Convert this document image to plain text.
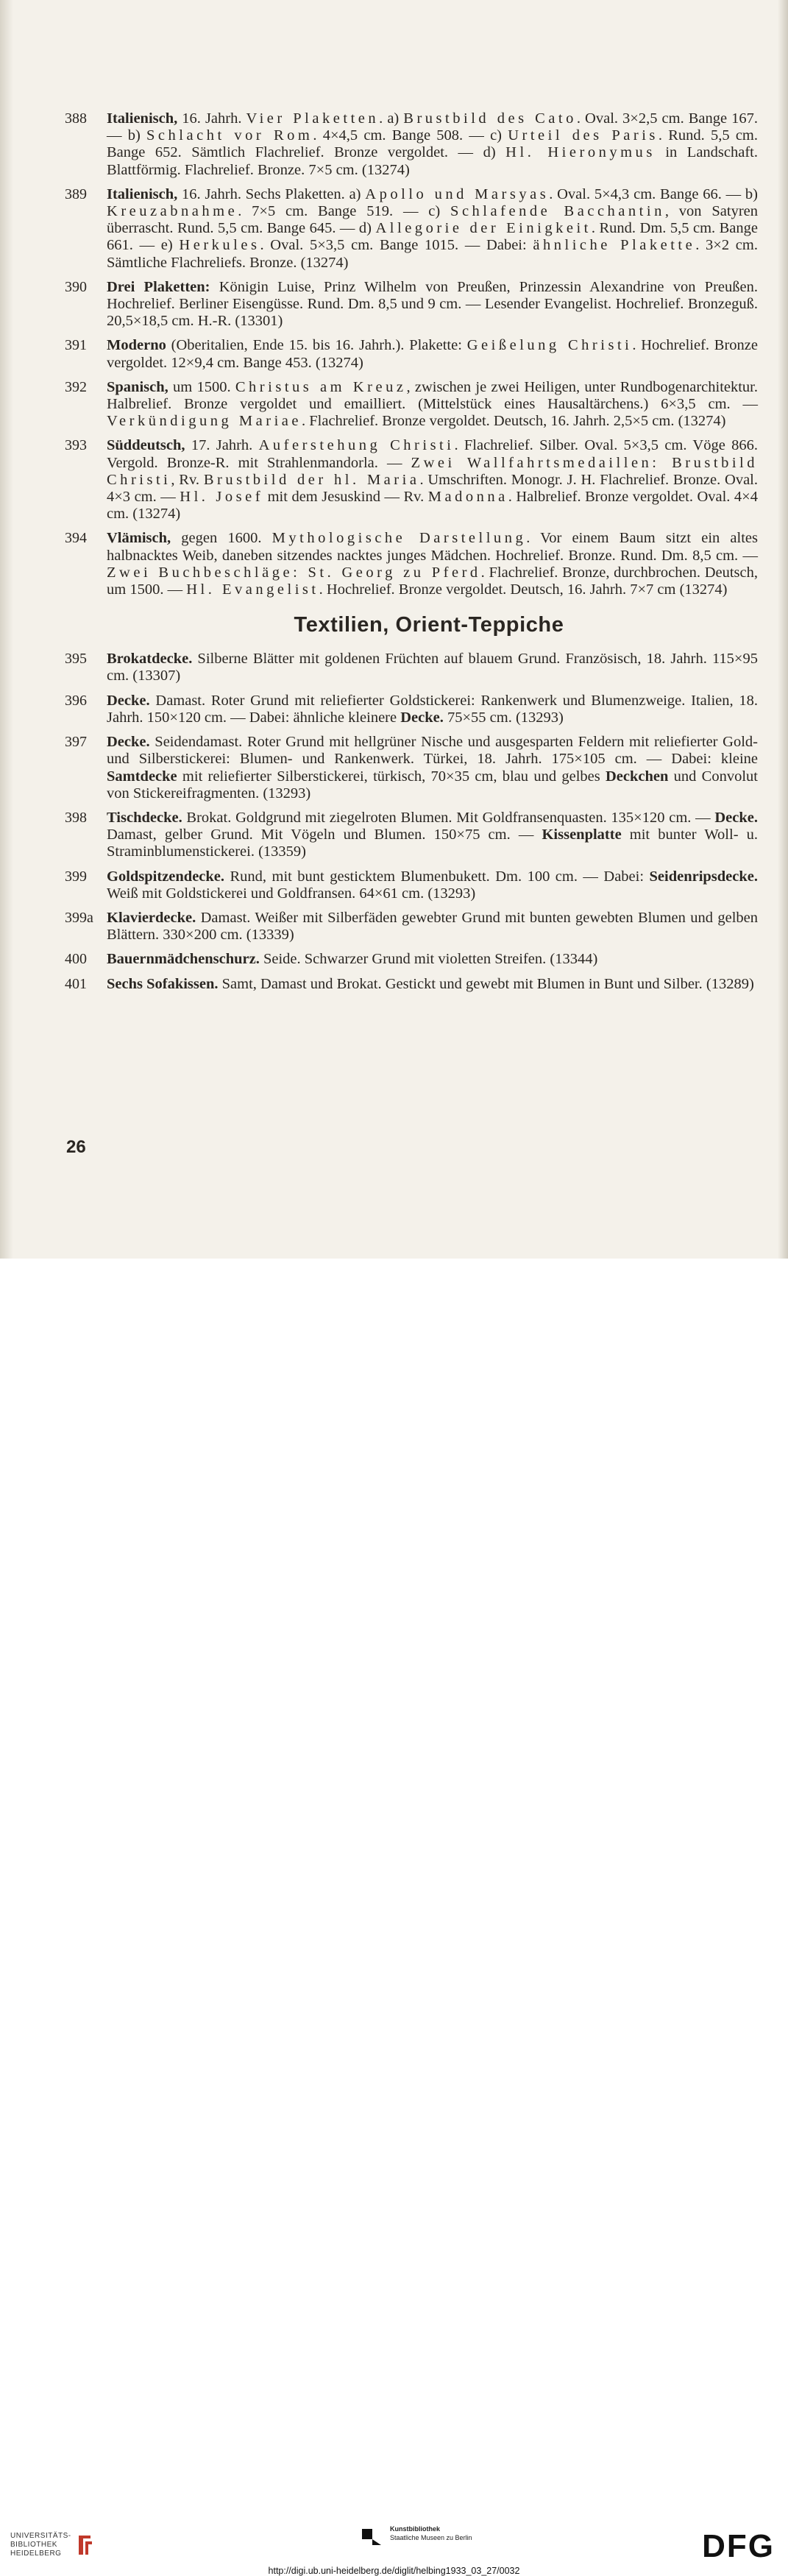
388 Italienisch, 16. Jahrh. Vier Plaketten. a) Brustbild des Cato. Oval. 3×2,5 cm. Bange 167. — b) Schlacht vor Rom. 4×4,5 cm. Bange 508. — c) Urteil des Paris. Rund. 5,5 cm. Bange 652. Sämtlich Flachrelief. Bronze vergoldet. — d) Hl. Hieronymus in Landschaft. Blattförmig. Flachrelief. Bronze. 7×5 cm. (13274)
389 Italienisch, 16. Jahrh. Sechs Plaketten. a) Apollo und Marsyas. Oval. 5×4,3 cm. Bange 66. — b) Kreuzabnahme. 7×5 cm. Bange 519. — c) Schlafende Bacchantin, von Satyren überrascht. Rund. 5,5 cm. Bange 645. — d) Allegorie der Einigkeit. Rund. Dm. 5,5 cm. Bange 661. — e) Herkules. Oval. 5×3,5 cm. Bange 1015. — Dabei: ähnliche Plakette. 3×2 cm. Sämtliche Flachreliefs. Bronze. (13274)
390 Drei Plaketten: Königin Luise, Prinz Wilhelm von Preußen, Prinzessin Alexandrine von Preußen. Hochrelief. Berliner Eisengüsse. Rund. Dm. 8,5 und 9 cm. — Lesender Evangelist. Hochrelief. Bronzeguß. 20,5×18,5 cm. H.-R. (13301)
391 Moderno (Oberitalien, Ende 15. bis 16. Jahrh.). Plakette: Geißelung Christi. Hochrelief. Bronze vergoldet. 12×9,4 cm. Bange 453. (13274)
392 Spanisch, um 1500. Christus am Kreuz, zwischen je zwei Heiligen, unter Rundbogenarchitektur. Halbrelief. Bronze vergoldet und emailliert. (Mittelstück eines Hausaltärchens.) 6×3,5 cm. — Verkündigung Mariae. Flachrelief. Bronze vergoldet. Deutsch, 16. Jahrh. 2,5×5 cm. (13274)
393 Süddeutsch, 17. Jahrh. Auferstehung Christi. Flachrelief. Silber. Oval. 5×3,5 cm. Vöge 866. Vergold. Bronze-R. mit Strahlenmandorla. — Zwei Wallfahrtsmedaillen: Brustbild Christi, Rv. Brustbild der hl. Maria. Umschriften. Monogr. J. H. Flachrelief. Bronze. Oval. 4×3 cm. — Hl. Josef mit dem Jesuskind — Rv. Madonna. Halbrelief. Bronze vergoldet. Oval. 4×4 cm. (13274)
394 Vlämisch, gegen 1600. Mythologische Darstellung. Vor einem Baum sitzt ein altes halbnacktes Weib, daneben sitzendes nacktes junges Mädchen. Hochrelief. Bronze. Rund. Dm. 8,5 cm. — Zwei Buchbeschläge: St. Georg zu Pferd. Flachrelief. Bronze, durchbrochen. Deutsch, um 1500. — Hl. Evangelist. Hochrelief. Bronze vergoldet. Deutsch, 16. Jahrh. 7×7 cm (13274)
Textilien, Orient-Teppiche
395 Brokatdecke. Silberne Blätter mit goldenen Früchten auf blauem Grund. Französisch, 18. Jahrh. 115×95 cm. (13307)
396 Decke. Damast. Roter Grund mit reliefierter Goldstickerei: Rankenwerk und Blumenzweige. Italien, 18. Jahrh. 150×120 cm. — Dabei: ähnliche kleinere Decke. 75×55 cm. (13293)
397 Decke. Seidendamast. Roter Grund mit hellgrüner Nische und ausgesparten Feldern mit reliefierter Gold- und Silberstickerei: Blumen- und Rankenwerk. Türkei, 18. Jahrh. 175×105 cm. — Dabei: kleine Samtdecke mit reliefierter Silberstickerei, türkisch, 70×35 cm, blau und gelbes Deckchen und Convolut von Stickereifragmenten. (13293)
398 Tischdecke. Brokat. Goldgrund mit ziegelroten Blumen. Mit Goldfransenquasten. 135×120 cm. — Decke. Damast, gelber Grund. Mit Vögeln und Blumen. 150×75 cm. — Kissenplatte mit bunter Woll- u. Straminblumenstickerei. (13359)
399 Goldspitzendecke. Rund, mit bunt gesticktem Blumenbukett. Dm. 100 cm. — Dabei: Seidenripsdecke. Weiß mit Goldstickerei und Goldfransen. 64×61 cm. (13293)
399a Klavierdecke. Damast. Weißer mit Silberfäden gewebter Grund mit bunten gewebten Blumen und gelben Blättern. 330×200 cm. (13339)
400 Bauernmädchenschurz. Seide. Schwarzer Grund mit violetten Streifen. (13344)
401 Sechs Sofakissen. Samt, Damast und Brokat. Gestickt und gewebt mit Blumen in Bunt und Silber. (13289)
26
UNIVERSITÄTS-
BIBLIOTHEK
HEIDELBERG
Kunstbibliothek
Staatliche Museen zu Berlin	DFG
http://digi.ub.uni-heidelberg.de/diglit/helbing1933_03_27/0032
